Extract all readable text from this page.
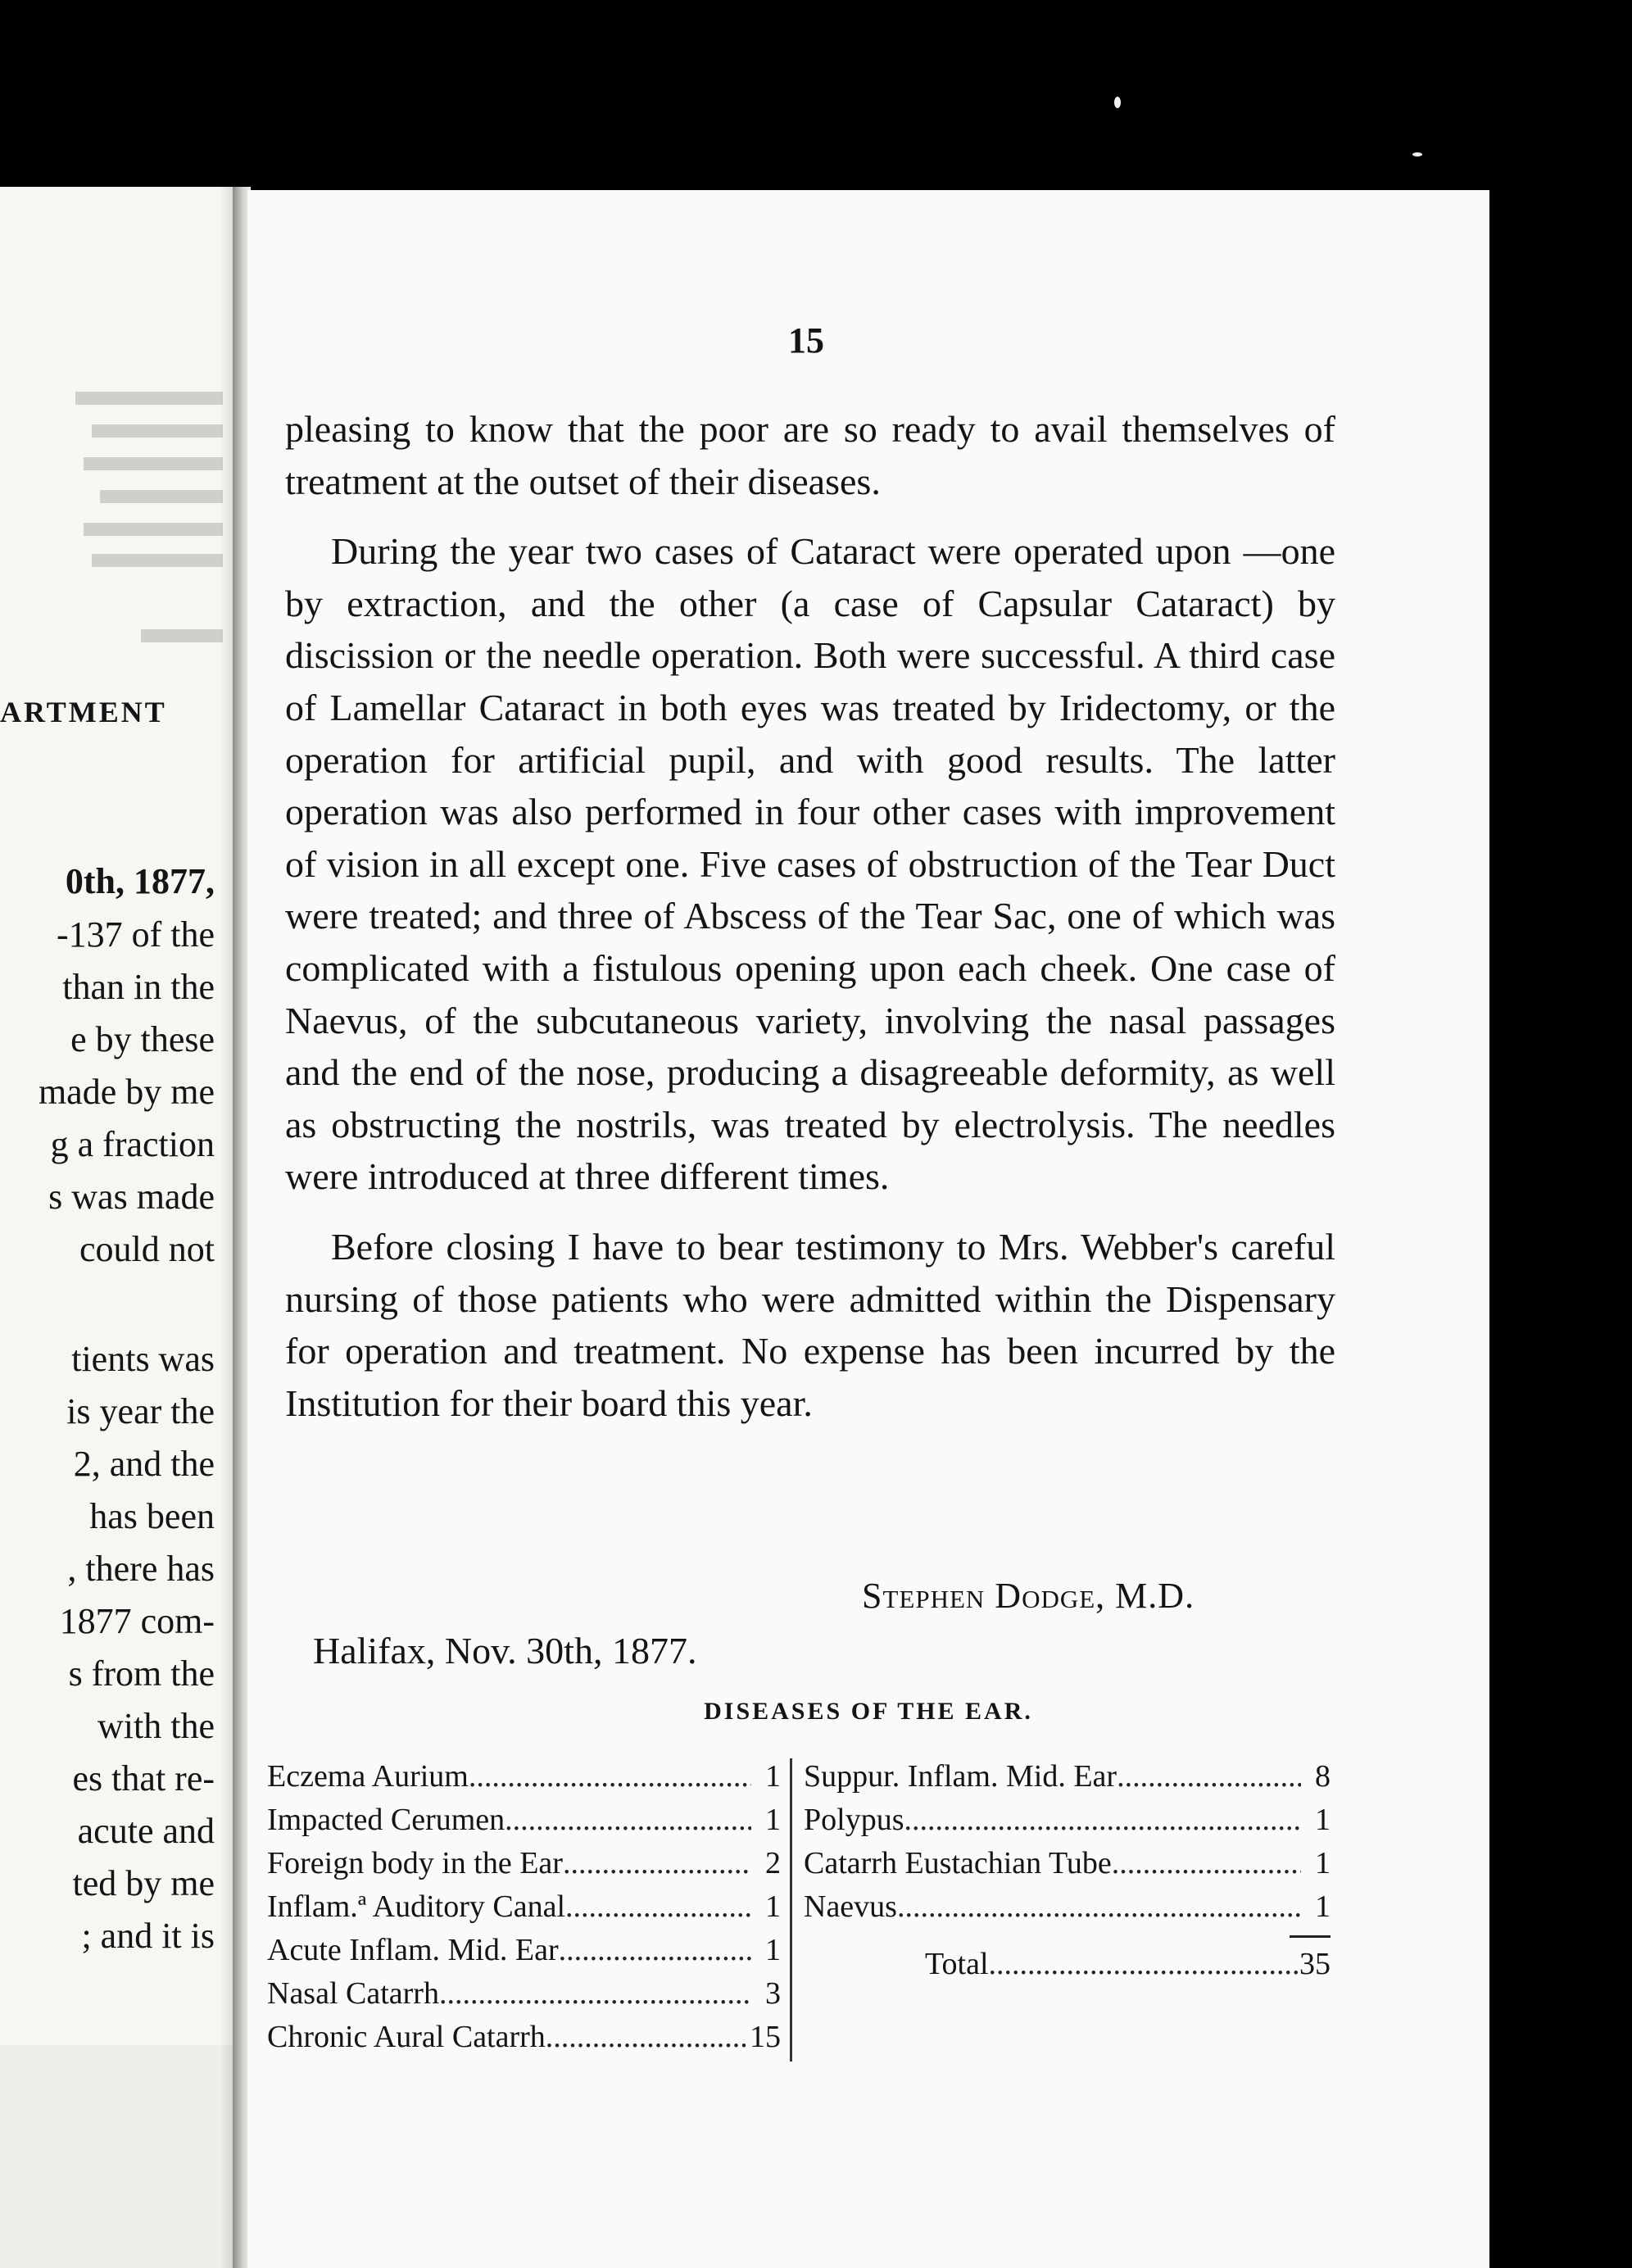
ARTMENT
0th, 1877,
-137 of the
than in the
e by these
made by me
g a fraction
s was made
could not
tients was
is year the
2, and the
has been
, there has
1877 com-
s from the
with the
es that re-
acute and
ted by me
; and it is
15

pleasing to know that the poor are so ready to avail themselves of treatment at the outset of their diseases.

During the year two cases of Cataract were operated upon —one by extraction, and the other (a case of Capsular Cataract) by discission or the needle operation. Both were successful. A third case of Lamellar Cataract in both eyes was treated by Iridectomy, or the operation for artificial pupil, and with good results. The latter operation was also performed in four other cases with improvement of vision in all except one. Five cases of obstruction of the Tear Duct were treated; and three of Abscess of the Tear Sac, one of which was complicated with a fistulous opening upon each cheek. One case of Naevus, of the subcutaneous variety, involving the nasal passages and the end of the nose, producing a disagreeable deformity, as well as obstructing the nostrils, was treated by electrolysis. The needles were introduced at three different times.

Before closing I have to bear testimony to Mrs. Webber's careful nursing of those patients who were admitted within the Dispensary for operation and treatment. No expense has been incurred by the Institution for their board this year.

Stephen Dodge, M.D.
Halifax, Nov. 30th, 1877.
DISEASES OF THE EAR.
Eczema Aurium .....	1
Impacted Cerumen .....	1
Foreign body in the Ear .....	2
Inflam.ª Auditory Canal .....	1
Acute Inflam. Mid. Ear .....	1
Nasal Catarrh .....	3
Chronic Aural Catarrh .....	15
Suppur. Inflam. Mid. Ear .....	8
Polypus .....	1
Catarrh Eustachian Tube .....	1
Naevus .....	1
Total .....	35
